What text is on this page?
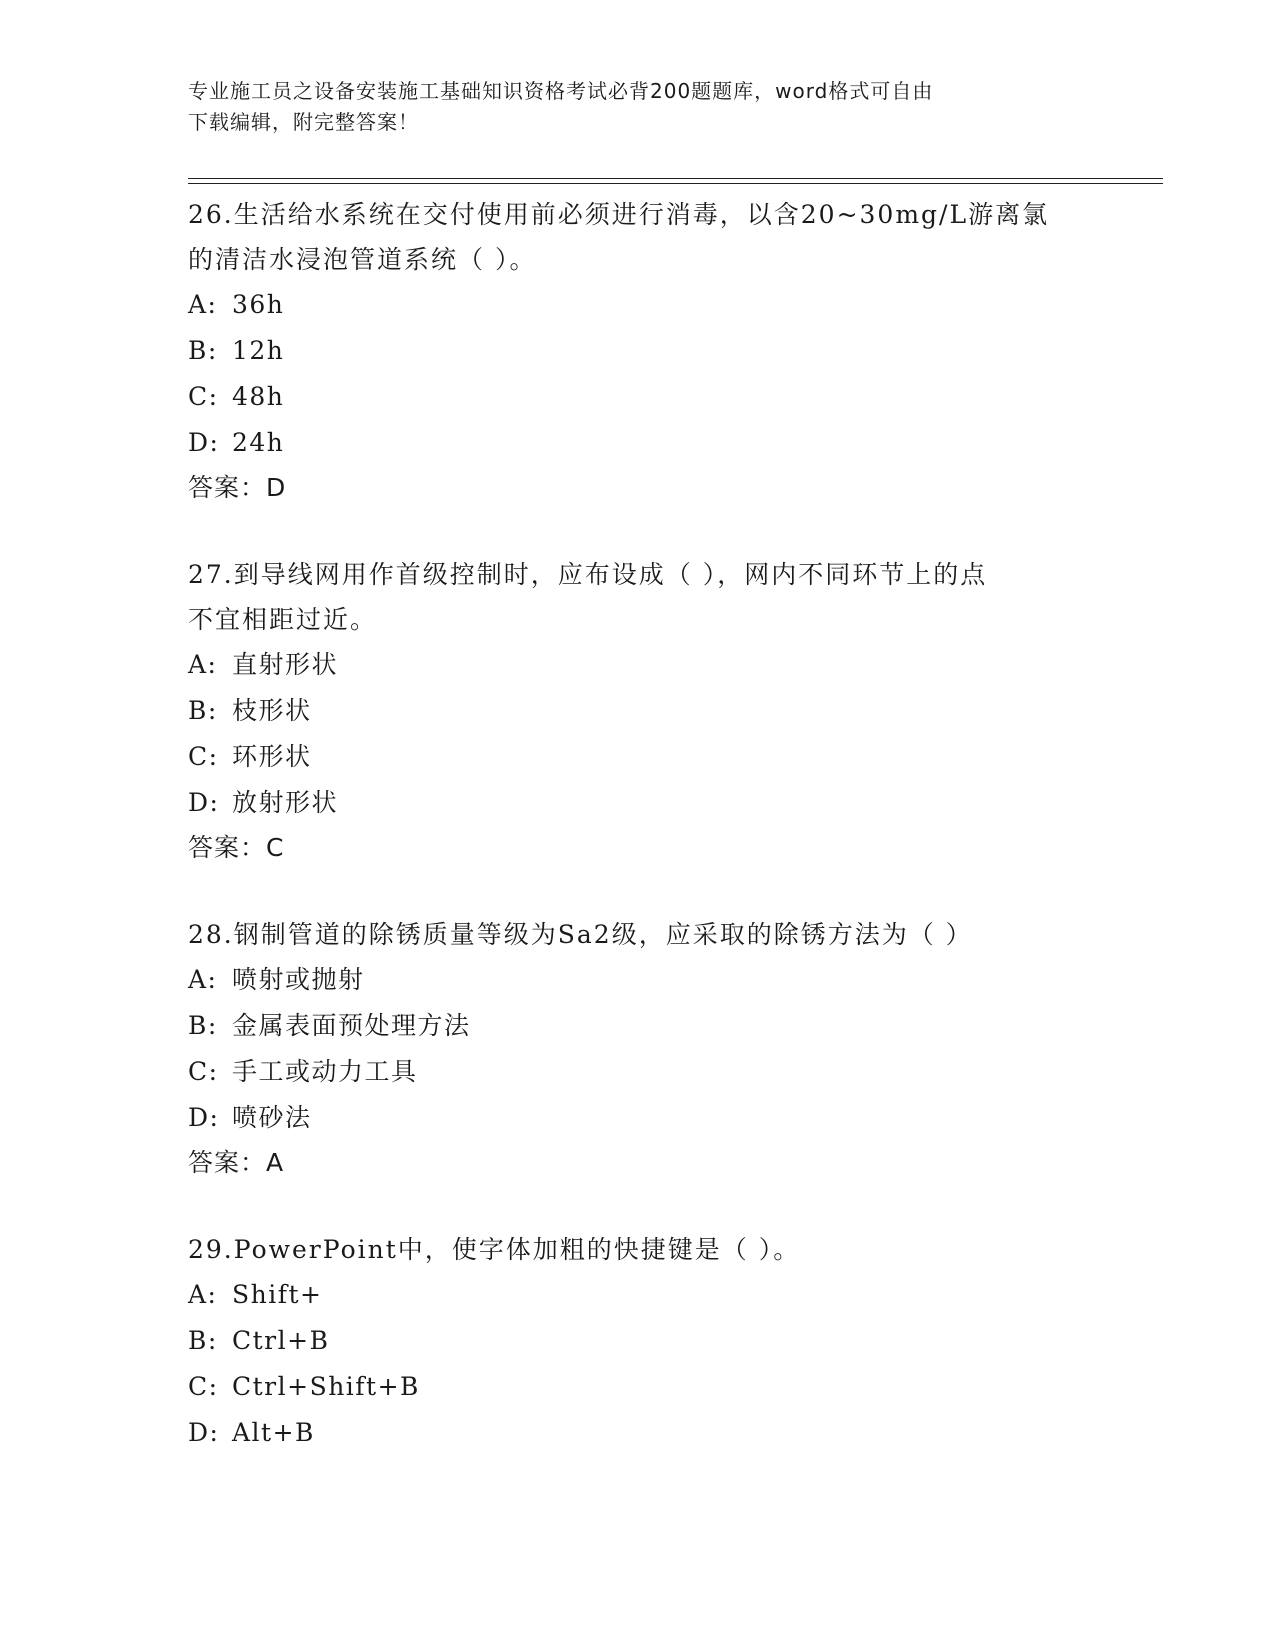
专业施工员之设备安装施工基础知识资格考试必背200题题库，word格式可自由
下载编辑，附完整答案！

26.生活给水系统在交付使用前必须进行消毒，以含20~30mg/L游离氯

的清洁水浸泡管道系统（ ）。

A: 36h

B: 12h

C: 48h

D: 24h

答案：D

27.到导线网用作首级控制时，应布设成（ ），网内不同环节上的点

不宜相距过近。

A: 直射形状

B: 枝形状

C: 环形状

D: 放射形状

答案：C

28.钢制管道的除锈质量等级为Sa2级，应采取的除锈方法为（ ）

A: 喷射或抛射

B: 金属表面预处理方法

C: 手工或动力工具

D: 喷砂法

答案：A

29.PowerPoint中，使字体加粗的快捷键是（ ）。

A: Shift+

B: Ctrl+B

C: Ctrl+Shift+B

D: Alt+B
